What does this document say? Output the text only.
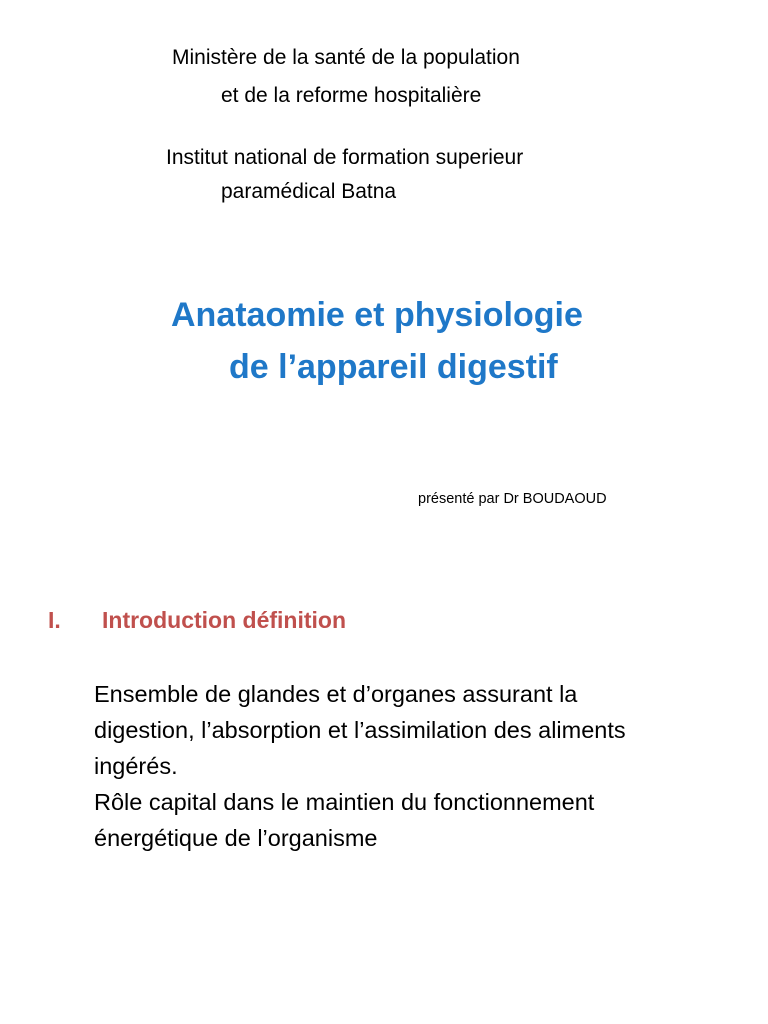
Ministère de la santé de la population

et de la reforme hospitalière

Institut national de formation superieur

paramédical Batna

Anataomie et physiologie
de l’appareil digestif

présenté par Dr BOUDAOUD

I. Introduction définition

Ensemble de glandes et d’organes assurant la

digestion, l’absorption et l’assimilation des aliments

ingérés.

Rôle capital dans le maintien du fonctionnement

énergétique de l’organisme
